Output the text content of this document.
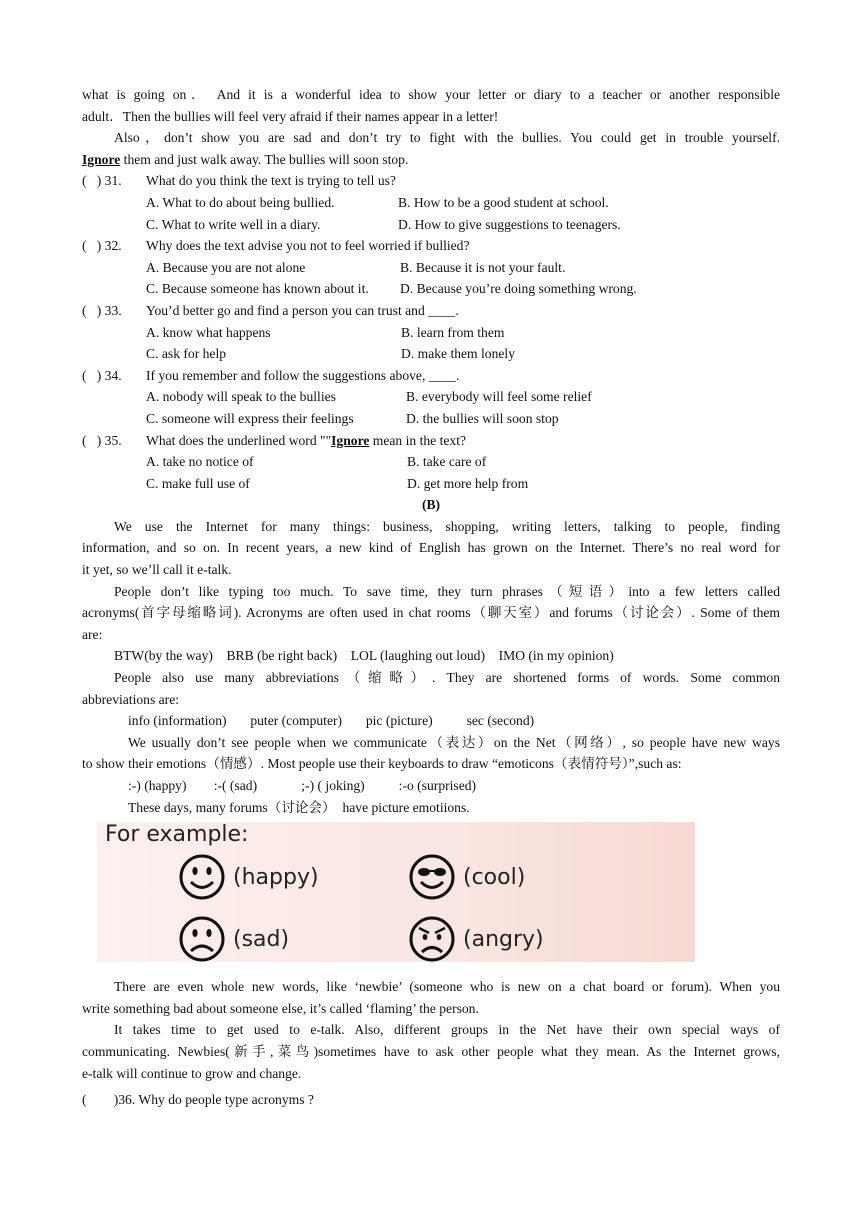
what is going on． And it is a wonderful idea to show your letter or diary to a teacher or another responsible
adult．Then the bullies will feel very afraid if their names appear in a letter!
Also，don’t show you are sad and don’t try to fight with the bullies. You could get in trouble yourself.
Ignore them and just walk away. The bullies will soon stop.
(   ) 31. What do you think the text is trying to tell us?
A. What to do about being bullied.	B. How to be a good student at school.
C. What to write well in a diary.	D. How to give suggestions to teenagers.
(   ) 32. Why does the text advise you not to feel worried if bullied?
A. Because you are not alone	B. Because it is not your fault.
C. Because someone has known about it. D. Because you’re doing something wrong.
(   ) 33. You’d better go and find a person you can trust and ____.
A. know what happens	B. learn from them
C. ask for help	D. make them lonely
(   ) 34. If you remember and follow the suggestions above, ____.
A. nobody will speak to the bullies	B. everybody will feel some relief
C. someone will express their feelings	D. the bullies will soon stop
(   ) 35. What does the underlined word ""Ignore mean in the text?
A. take no notice of	B. take care of
C. make full use of	D. get more help from
(B)
We use the Internet for many things: business, shopping, writing letters, talking to people, finding
information, and so on. In recent years, a new kind of English has grown on the Internet. There’s no real word for
it yet, so we’ll call it e-talk.
People don’t like typing too much. To save time, they turn phrases（短语）into a few letters called
acronyms(首字母缩略词). Acronyms are often used in chat rooms（聊天室）and forums（讨论会）. Some of them
are:
BTW(by the way)    BRB (be right back)    LOL (laughing out loud)    IMO (in my opinion)
People also use many abbreviations（缩略）. They are shortened forms of words. Some common
abbreviations are:
info (information)       puter (computer)       pic (picture)          sec (second)
We usually don’t see people when we communicate（表达）on the Net（网络）, so people have new ways
to show their emotions（情感）. Most people use their keyboards to draw “emoticons（表情符号）”,such as:
:-) (happy)        :-( (sad)             ;-) ( joking)          :-o (surprised)
These days, many forums（讨论会）  have picture emotiions.
For example:
(happy)	(cool)
(sad)	(angry)
There are even whole new words, like ‘newbie’ (someone who is new on a chat board or forum). When you
write something bad about someone else, it’s called ‘flaming’ the person.
It takes time to get used to e-talk. Also, different groups in the Net have their own special ways of
communicating. Newbies(新手,菜鸟)sometimes have to ask other people what they mean. As the Internet grows,
e-talk will continue to grow and change.
(        )36. Why do people type acronyms ?
